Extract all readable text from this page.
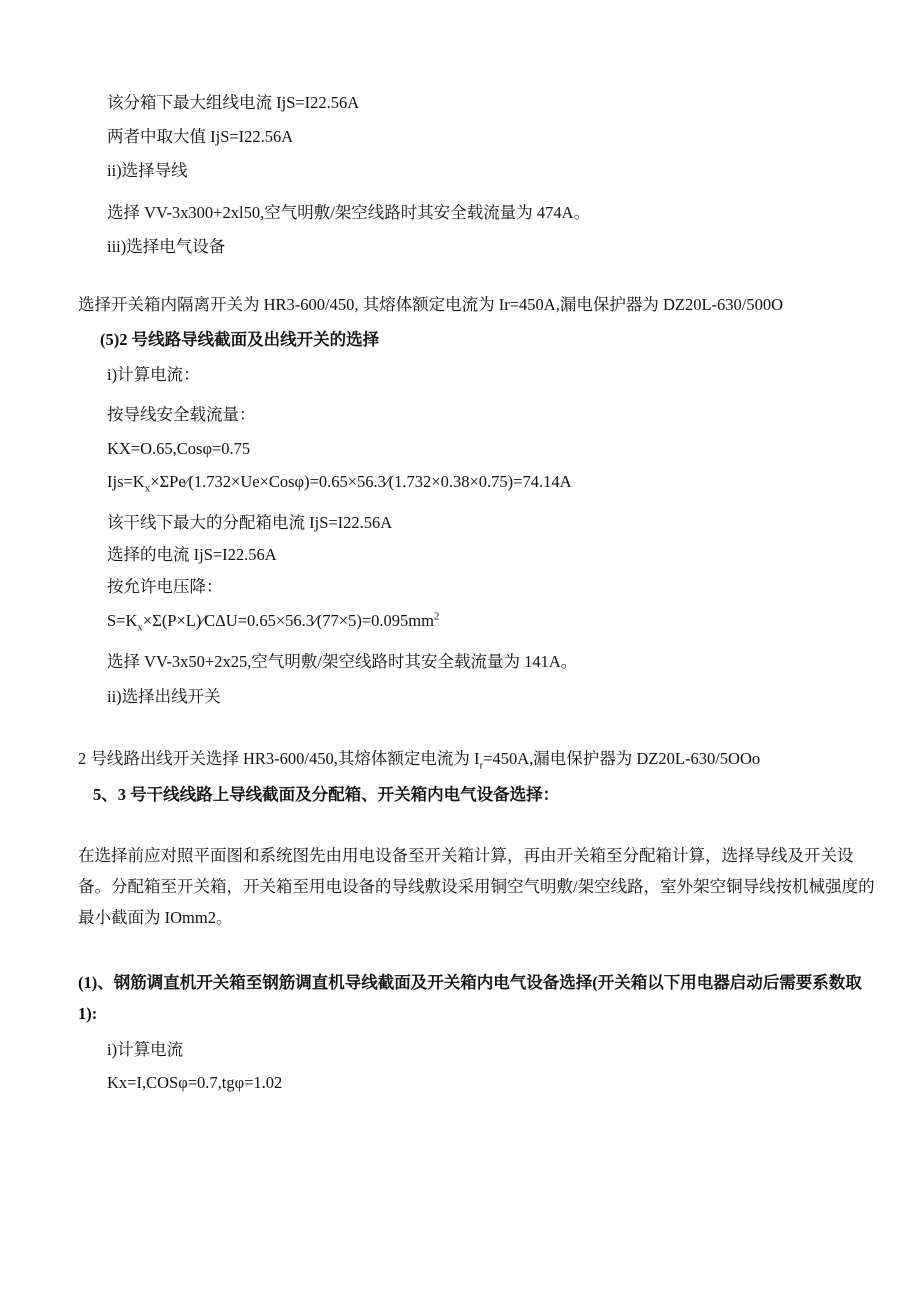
该分箱下最大组线电流 IjS=I22.56A
两者中取大值 IjS=I22.56A
ii)选择导线
选择 VV-3x300+2xl50,空气明敷/架空线路时其安全载流量为 474A。
iii)选择电气设备
选择开关箱内隔离开关为 HR3-600/450, 其熔体额定电流为 Ir=450A,漏电保护器为 DZ20L-630/500O
(5)2 号线路导线截面及出线开关的选择
i)计算电流：
按导线安全载流量：
KX=O.65,Cosφ=0.75
$Ijs=K_x\times\Sigma Pe⁄(1.732\times Ue\times Cos\varphi)=0.65\times 56.3⁄(1.732\times 0.38\times 0.75)=74.14A$
该干线下最大的分配箱电流 IjS=I22.56A
选择的电流 IjS=I22.56A
按允许电压降：
$S=K_x\times\Sigma(P\times L)⁄C\Delta U=0.65\times 56.3⁄(77\times 5)=0.095mm^2$
选择 VV-3x50+2x25,空气明敷/架空线路时其安全载流量为 141A。
ii)选择出线开关
2 号线路出线开关选择 HR3-600/450,其熔体额定电流为 $I_r=450A$,漏电保护器为 DZ20L-630/5OOo
5、3 号干线线路上导线截面及分配箱、开关箱内电气设备选择：
在选择前应对照平面图和系统图先由用电设备至开关箱计算，再由开关箱至分配箱计算，选择导线及开关设备。分配箱至开关箱，开关箱至用电设备的导线敷设采用铜空气明敷/架空线路，室外架空铜导线按机械强度的最小截面为 IOmm2。
(1)、钢筋调直机开关箱至钢筋调直机导线截面及开关箱内电气设备选择(开关箱以下用电器启动后需要系数取 1):
i)计算电流
Kx=I,COSφ=0.7,tgφ=1.02
